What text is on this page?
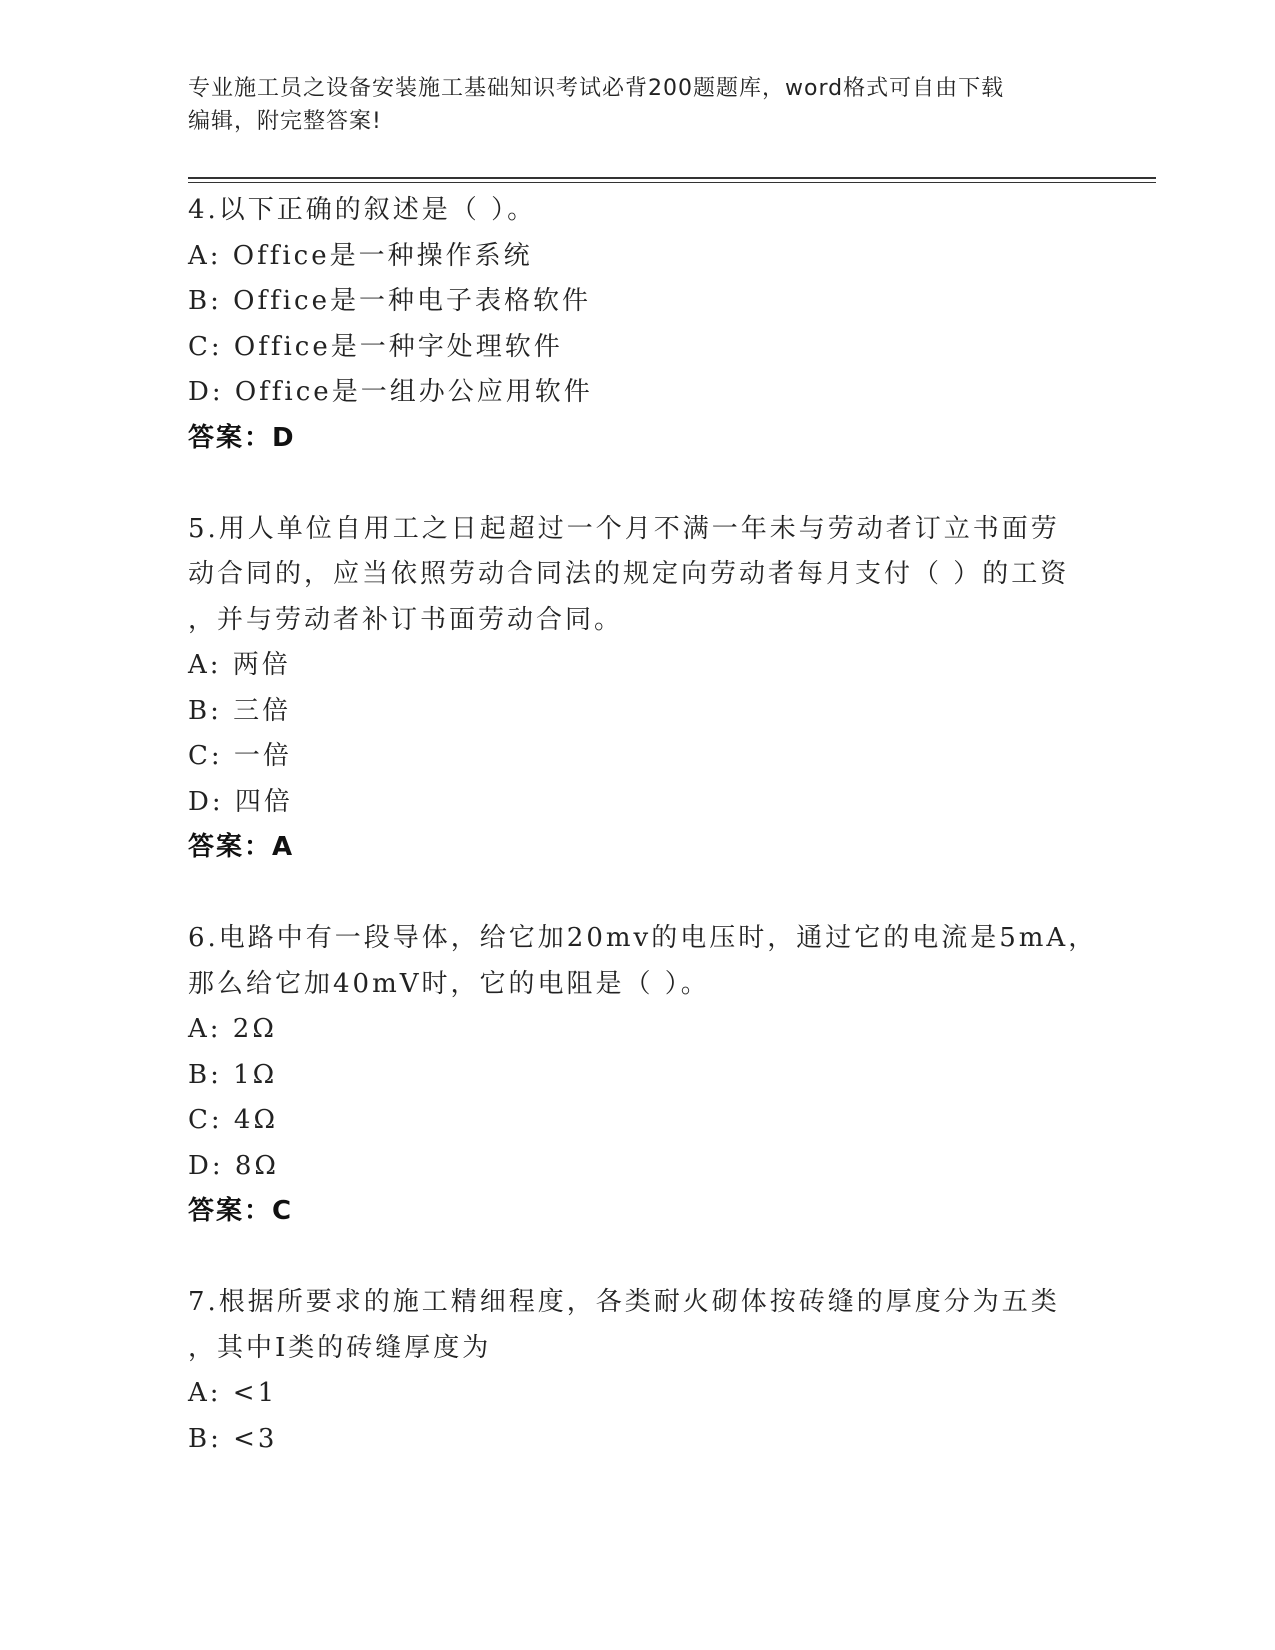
专业施工员之设备安装施工基础知识考试必背200题题库，word格式可自由下载
编辑，附完整答案!
4.以下正确的叙述是（ ）。
A: Office是一种操作系统
B: Office是一种电子表格软件
C: Office是一种字处理软件
D: Office是一组办公应用软件
答案：D
5.用人单位自用工之日起超过一个月不满一年未与劳动者订立书面劳
动合同的，应当依照劳动合同法的规定向劳动者每月支付（ ）的工资
，并与劳动者补订书面劳动合同。
A: 两倍
B: 三倍
C: 一倍
D: 四倍
答案：A
6.电路中有一段导体，给它加20mv的电压时，通过它的电流是5mA，
那么给它加40mV时，它的电阻是（ ）。
A: 2Ω
B: 1Ω
C: 4Ω
D: 8Ω
答案：C
7.根据所要求的施工精细程度，各类耐火砌体按砖缝的厚度分为五类
，其中Ⅰ类的砖缝厚度为
A: <1
B: <3
